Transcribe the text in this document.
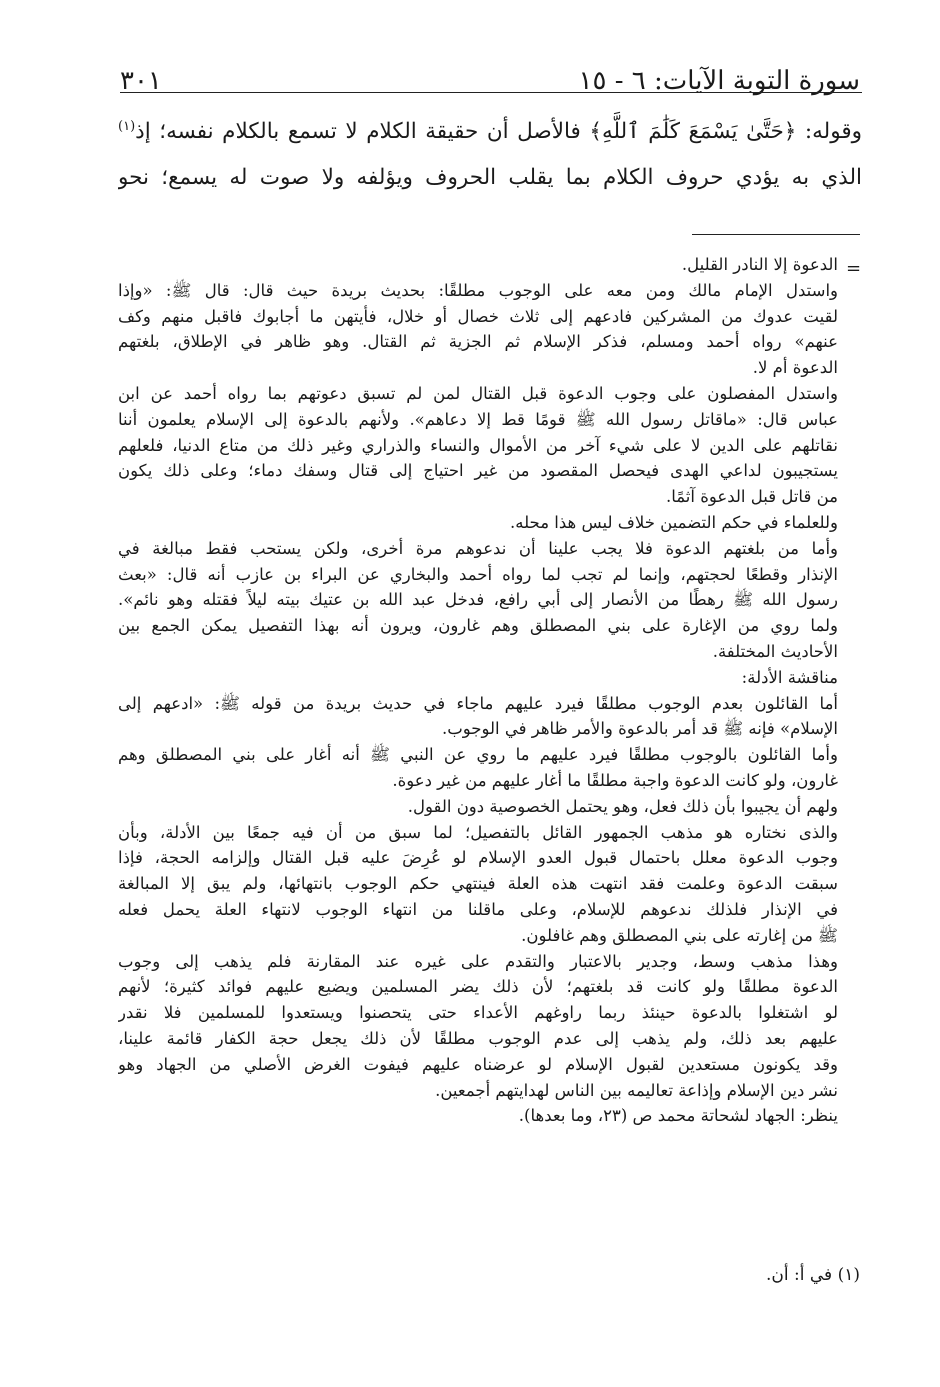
سورة التوبة الآيات: ٦ - ١٥
٣٠١
وقوله: ﴿حَتَّىٰ يَسْمَعَ كَلَٰمَ ٱللَّهِ﴾ فالأصل أن حقيقة الكلام لا تسمع بالكلام نفسه؛ إذ$^{(١)}$
الذي به يؤدي حروف الكلام بما يقلب الحروف ويؤلفه ولا صوت له يسمع؛ نحو
=
الدعوة إلا النادر القليل.
واستدل الإمام مالك ومن معه على الوجوب مطلقًا: بحديث بريدة حيث قال: قال ﷺ: «وإذا
لقيت عدوك من المشركين فادعهم إلى ثلاث خصال أو خلال، فأيتهن ما أجابوك فاقبل منهم وكف
عنهم» رواه أحمد ومسلم، فذكر الإسلام ثم الجزية ثم القتال. وهو ظاهر في الإطلاق، بلغتهم
الدعوة أم لا.
واستدل المفصلون على وجوب الدعوة قبل القتال لمن لم تسبق دعوتهم بما رواه أحمد عن ابن
عباس قال: «ماقاتل رسول الله ﷺ قومًا قط إلا دعاهم». ولأنهم بالدعوة إلى الإسلام يعلمون أننا
نقاتلهم على الدين لا على شيء آخر من الأموال والنساء والذراري وغير ذلك من متاع الدنيا، فلعلهم
يستجيبون لداعي الهدى فيحصل المقصود من غير احتياج إلى قتال وسفك دماء؛ وعلى ذلك يكون
من قاتل قبل الدعوة آثمًا.
وللعلماء في حكم التضمين خلاف ليس هذا محله.
وأما من بلغتهم الدعوة فلا يجب علينا أن ندعوهم مرة أخرى، ولكن يستحب فقط مبالغة في
الإنذار وقطعًا لحجتهم، وإنما لم تجب لما رواه أحمد والبخاري عن البراء بن عازب أنه قال: «بعث
رسول الله ﷺ رهطًا من الأنصار إلى أبي رافع، فدخل عبد الله بن عتيك بيته ليلاً فقتله وهو نائم».
ولما روي من الإغارة على بني المصطلق وهم غارون، ويرون أنه بهذا التفصيل يمكن الجمع بين
الأحاديث المختلفة.
مناقشة الأدلة:
أما القائلون بعدم الوجوب مطلقًا فيرد عليهم ماجاء في حديث بريدة من قوله ﷺ: «ادعهم إلى
الإسلام» فإنه ﷺ قد أمر بالدعوة والأمر ظاهر في الوجوب.
وأما القائلون بالوجوب مطلقًا فيرد عليهم ما روي عن النبي ﷺ أنه أغار على بني المصطلق وهم
غارون، ولو كانت الدعوة واجبة مطلقًا ما أغار عليهم من غير دعوة.
ولهم أن يجيبوا بأن ذلك فعل، وهو يحتمل الخصوصية دون القول.
والذى نختاره هو مذهب الجمهور القائل بالتفصيل؛ لما سبق من أن فيه جمعًا بين الأدلة، وبأن
وجوب الدعوة معلل باحتمال قبول العدو الإسلام لو عُرِضَ عليه قبل القتال وإلزامه الحجة، فإذا
سبقت الدعوة وعلمت فقد انتهت هذه العلة فينتهي حكم الوجوب بانتهائها، ولم يبق إلا المبالغة
في الإنذار فلذلك ندعوهم للإسلام، وعلى ماقلنا من انتهاء الوجوب لانتهاء العلة يحمل فعله
ﷺ من إغارته على بني المصطلق وهم غافلون.
وهذا مذهب وسط، وجدير بالاعتبار والتقدم على غيره عند المقارنة فلم يذهب إلى وجوب
الدعوة مطلقًا ولو كانت قد بلغتهم؛ لأن ذلك يضر المسلمين ويضيع عليهم فوائد كثيرة؛ لأنهم
لو اشتغلوا بالدعوة حينئذ ربما راوغهم الأعداء حتى يتحصنوا ويستعدوا للمسلمين فلا نقدر
عليهم بعد ذلك، ولم يذهب إلى عدم الوجوب مطلقًا لأن ذلك يجعل حجة الكفار قائمة علينا،
وقد يكونون مستعدين لقبول الإسلام لو عرضناه عليهم فيفوت الغرض الأصلي من الجهاد وهو
نشر دين الإسلام وإذاعة تعاليمه بين الناس لهدايتهم أجمعين.
ينظر: الجهاد لشحاتة محمد ص (٢٣، وما بعدها).
(١) في أ: أن.
